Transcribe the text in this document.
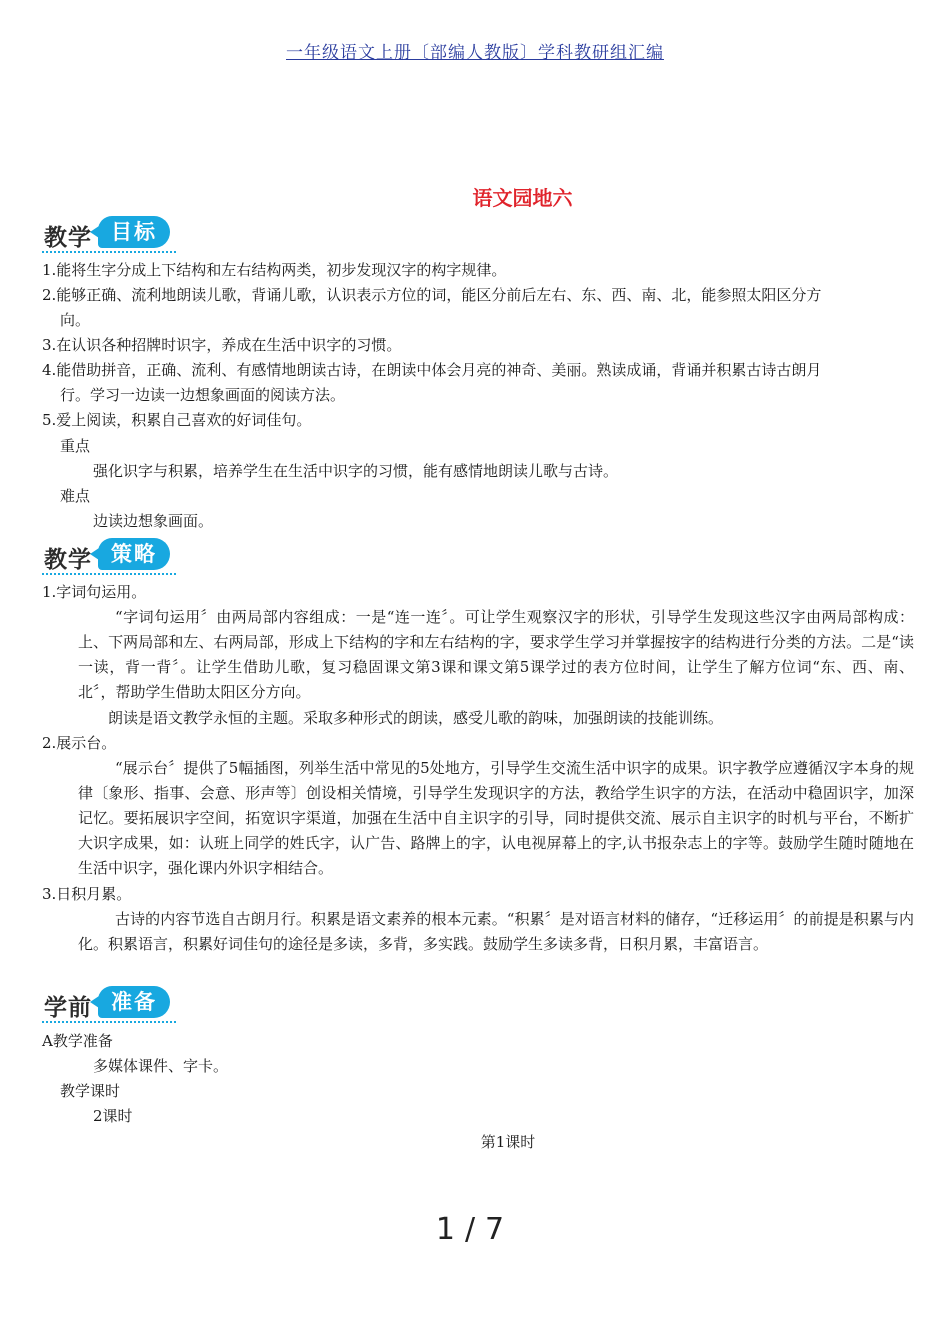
一年级语文上册〔部编人教版〕学科教研组汇编
语文园地六
教学 目标
1.能将生字分成上下结构和左右结构两类，初步发现汉字的构字规律。
2.能够正确、流利地朗读儿歌，背诵儿歌，认识表示方位的词，能区分前后左右、东、西、南、北，能参照太阳区分方
向。
3.在认识各种招牌时识字，养成在生活中识字的习惯。
4.能借助拼音，正确、流利、有感情地朗读古诗，在朗读中体会月亮的神奇、美丽。熟读成诵，背诵并积累古诗古朗月
行。学习一边读一边想象画面的阅读方法。
5.爱上阅读，积累自己喜欢的好词佳句。
重点
强化识字与积累，培养学生在生活中识字的习惯，能有感情地朗读儿歌与古诗。
难点
边读边想象画面。
教学 策略
1.字词句运用。

“字词句运用〞由两局部内容组成：一是“连一连〞。可让学生观察汉字的形状，引导学生发现这些汉字由两局部构成：上、下两局部和左、右两局部，形成上下结构的字和左右结构的字，要求学生学习并掌握按字的结构进行分类的方法。二是“读一读，背一背〞。让学生借助儿歌，复习稳固课文第3课和课文第5课学过的表方位时间，让学生了解方位词“东、西、南、北〞，帮助学生借助太阳区分方向。

朗读是语文教学永恒的主题。采取多种形式的朗读，感受儿歌的韵味，加强朗读的技能训练。
2.展示台。

“展示台〞提供了5幅插图，列举生活中常见的5处地方，引导学生交流生活中识字的成果。识字教学应遵循汉字本身的规律〔象形、指事、会意、形声等〕创设相关情境，引导学生发现识字的方法，教给学生识字的方法，在活动中稳固识字，加深记忆。要拓展识字空间，拓宽识字渠道，加强在生活中自主识字的引导，同时提供交流、展示自主识字的时机与平台，不断扩大识字成果，如：认班上同学的姓氏字，认广告、路牌上的字，认电视屏幕上的字,认书报杂志上的字等。鼓励学生随时随地在生活中识字，强化课内外识字相结合。

3.日积月累。

古诗的内容节选自古朗月行。积累是语文素养的根本元素。“积累〞是对语言材料的储存，“迁移运用〞的前提是积累与内化。积累语言，积累好词佳句的途径是多读，多背，多实践。鼓励学生多读多背，日积月累，丰富语言。

学前 准备
A教学准备
多媒体课件、字卡。
教学课时
2课时
第1课时
1/7
